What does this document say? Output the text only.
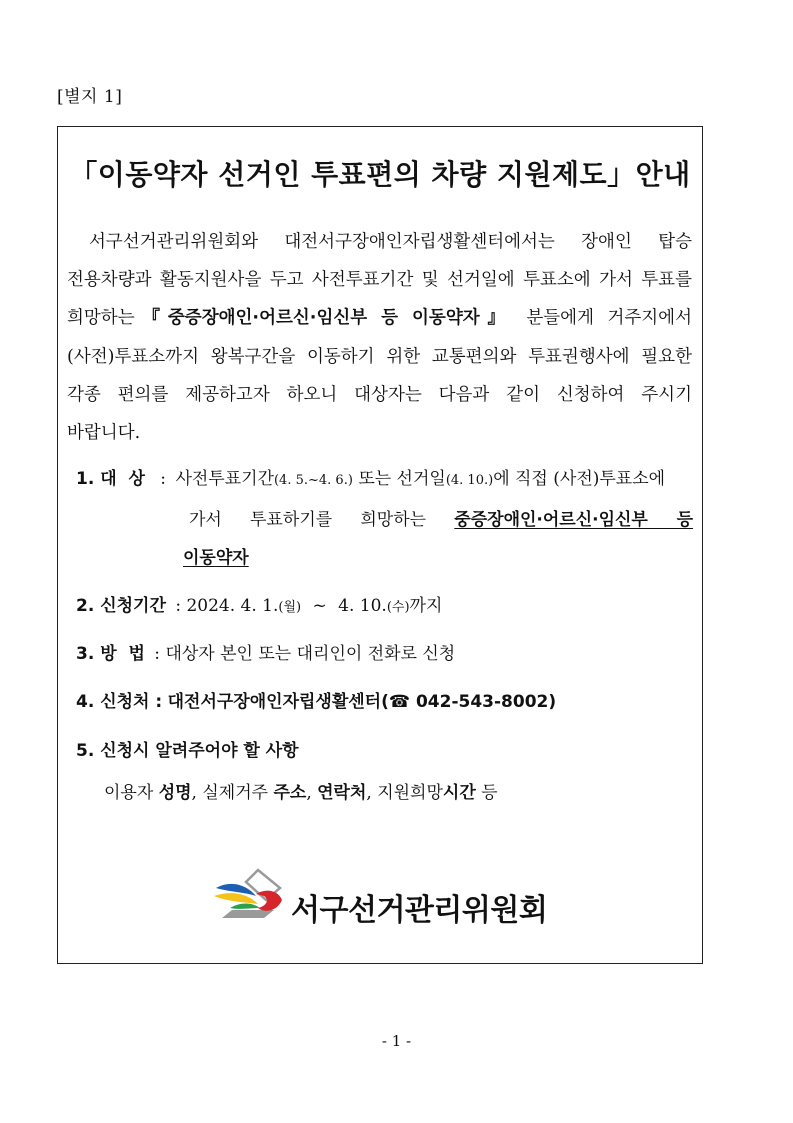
[별지 1]
「이동약자 선거인 투표편의 차량 지원제도」안내
서구선거관리위원회와 대전서구장애인자립생활센터에서는 장애인 탑승
전용차량과 활동지원사을 두고 사전투표기간 및 선거일에 투표소에 가서 투표를
희망하는『중증장애인·어르신·임신부 등 이동약자』 분들에게 거주지에서
(사전)투표소까지 왕복구간을 이동하기 위한 교통편의와 투표권행사에 필요한
각종 편의를 제공하고자 하오니 대상자는 다음과 같이 신청하여 주시기
바랍니다.
1. 대  상 : 사전투표기간(4. 5.~4. 6.) 또는 선거일(4. 10.)에 직접 (사전)투표소에
가서 투표하기를 희망하는 중증장애인·어르신·임신부 등
이동약자
2. 신청기간 : 2024. 4. 1.(월) ~ 4. 10.(수)까지
3. 방  법 : 대상자 본인 또는 대리인이 전화로 신청
4. 신청처 : 대전서구장애인자립생활센터(☎ 042-543-8002)
5. 신청시 알려주어야 할 사항
이용자 성명, 실제거주 주소, 연락처, 지원희망시간 등
서구선거관리위원회
- 1 -
